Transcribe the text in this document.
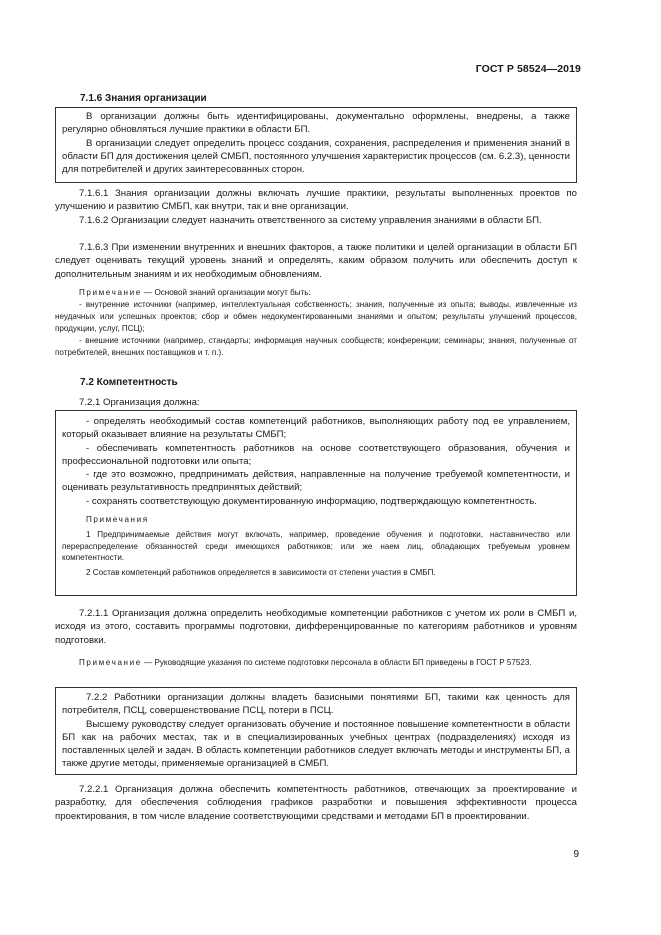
ГОСТ Р 58524—2019
7.1.6 Знания организации

В организации должны быть идентифицированы, документально оформлены, внедрены, а также регулярно обновляться лучшие практики в области БП.

В организации следует определить процесс создания, сохранения, распределения и применения знаний в области БП для достижения целей СМБП, постоянного улучшения характеристик процессов (см. 6.2.3), ценности для потребителей и других заинтересованных сторон.

7.1.6.1 Знания организации должны включать лучшие практики, результаты выполненных проектов по улучшению и развитию СМБП, как внутри, так и вне организации.

7.1.6.2 Организации следует назначить ответственного за систему управления знаниями в области БП.

7.1.6.3 При изменении внутренних и внешних факторов, а также политики и целей организации в области БП следует оценивать текущий уровень знаний и определять, каким образом получить или обеспечить доступ к дополнительным знаниям и их необходимым обновлениям.

Примечание — Основой знаний организации могут быть:

- внутренние источники (например, интеллектуальная собственность; знания, полученные из опыта; выводы, извлеченные из неудачных или успешных проектов; сбор и обмен недокументированными знаниями и опытом; результаты улучшений процессов, продукции, услуг, ПСЦ);

- внешние источники (например, стандарты; информация научных сообществ; конференции; семинары; знания, полученные от потребителей, внешних поставщиков и т. п.).

7.2 Компетентность

7.2.1 Организация должна:

- определять необходимый состав компетенций работников, выполняющих работу под ее управлением, который оказывает влияние на результаты СМБП;

- обеспечивать компетентность работников на основе соответствующего образования, обучения и профессиональной подготовки или опыта;

- где это возможно, предпринимать действия, направленные на получение требуемой компетентности, и оценивать результативность предпринятых действий;

- сохранять соответствующую документированную информацию, подтверждающую компетентность.

Примечания

1 Предпринимаемые действия могут включать, например, проведение обучения и подготовки, наставничество или перераспределение обязанностей среди имеющихся работников; или же наем лиц, обладающих требуемым уровнем компетентности.

2 Состав компетенций работников определяется в зависимости от степени участия в СМБП.

7.2.1.1 Организация должна определить необходимые компетенции работников с учетом их роли в СМБП и, исходя из этого, составить программы подготовки, дифференцированные по категориям работников и уровням подготовки.

Примечание — Руководящие указания по системе подготовки персонала в области БП приведены в ГОСТ Р 57523.

7.2.2 Работники организации должны владеть базисными понятиями БП, такими как ценность для потребителя, ПСЦ, совершенствование ПСЦ, потери в ПСЦ.

Высшему руководству следует организовать обучение и постоянное повышение компетентности в области БП как на рабочих местах, так и в специализированных учебных центрах (подразделениях) исходя из поставленных целей и задач. В область компетенции работников следует включать методы и инструменты БП, а также другие методы, применяемые организацией в СМБП.

7.2.2.1 Организация должна обеспечить компетентность работников, отвечающих за проектирование и разработку, для обеспечения соблюдения графиков разработки и повышения эффективности процесса проектирования, в том числе владение соответствующими средствами и методами БП в проектировании.

9
